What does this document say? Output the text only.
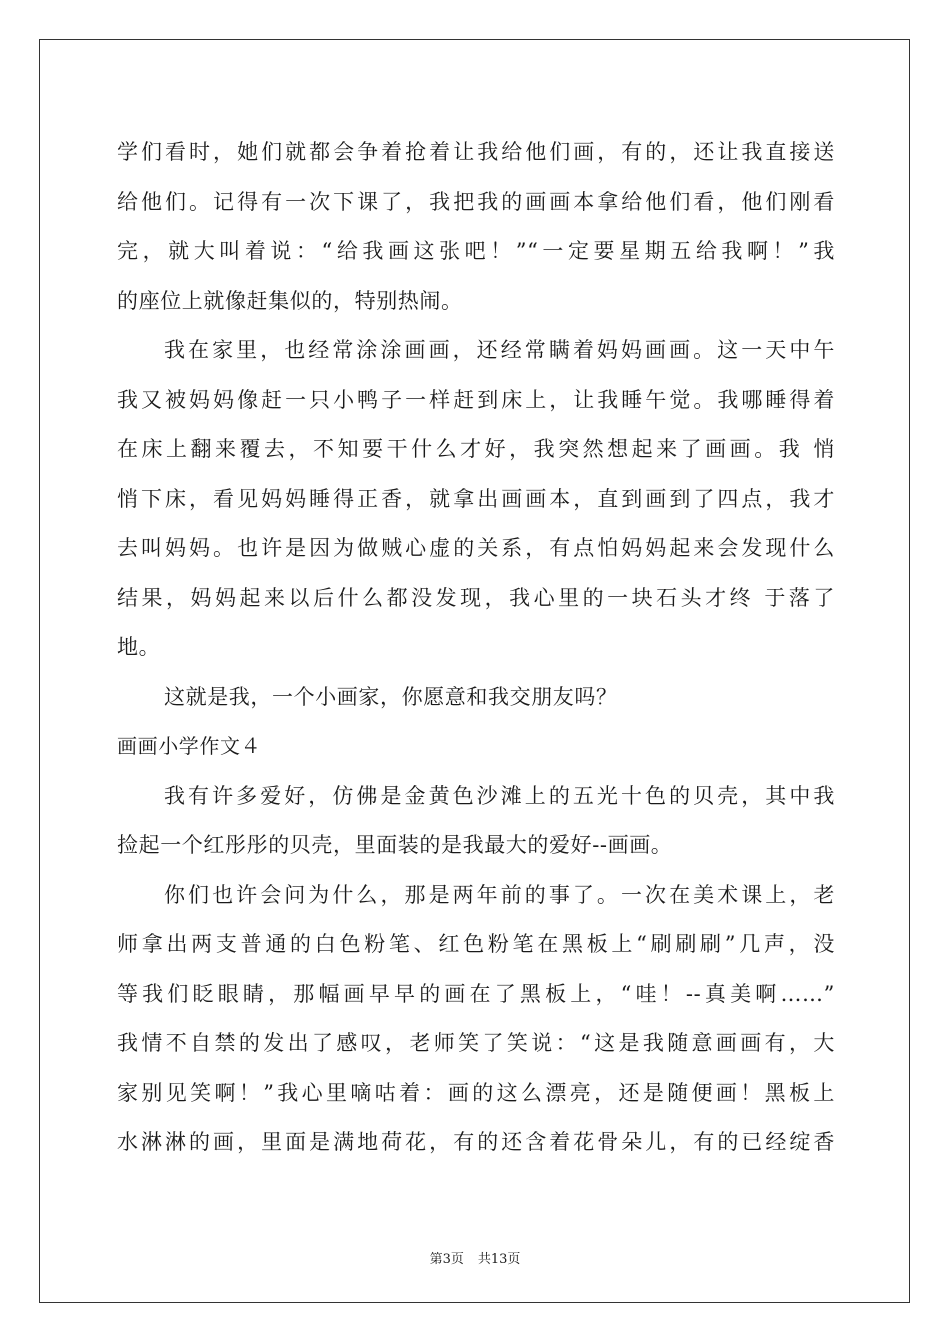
学们看时，她们就都会争着抢着让我给他们画，有的，还让我直接送
给他们。记得有一次下课了，我把我的画画本拿给他们看，他们刚看
完，就大叫着说：“给我画这张吧！”“一定要星期五给我啊！”我
的座位上就像赶集似的，特别热闹。
我在家里，也经常涂涂画画，还经常瞒着妈妈画画。这一天中午
我又被妈妈像赶一只小鸭子一样赶到床上，让我睡午觉。我哪睡得着
在床上翻来覆去，不知要干什么才好，我突然想起来了画画。我 悄
悄下床，看见妈妈睡得正香，就拿出画画本，直到画到了四点，我才
去叫妈妈。也许是因为做贼心虚的关系，有点怕妈妈起来会发现什么
结果，妈妈起来以后什么都没发现，我心里的一块石头才终 于落了
地。
这就是我，一个小画家，你愿意和我交朋友吗？
画画小学作文４
我有许多爱好，仿佛是金黄色沙滩上的五光十色的贝壳，其中我
捡起一个红彤彤的贝壳，里面装的是我最大的爱好--画画。
你们也许会问为什么，那是两年前的事了。一次在美术课上，老
师拿出两支普通的白色粉笔、红色粉笔在黑板上“刷刷刷”几声，没
等我们眨眼睛，那幅画早早的画在了黑板上，“哇！--真美啊……”
我情不自禁的发出了感叹，老师笑了笑说：“这是我随意画画有，大
家别见笑啊！”我心里嘀咕着：画的这么漂亮，还是随便画！黑板上
水淋淋的画，里面是满地荷花，有的还含着花骨朵儿，有的已经绽香
第3页 共13页
